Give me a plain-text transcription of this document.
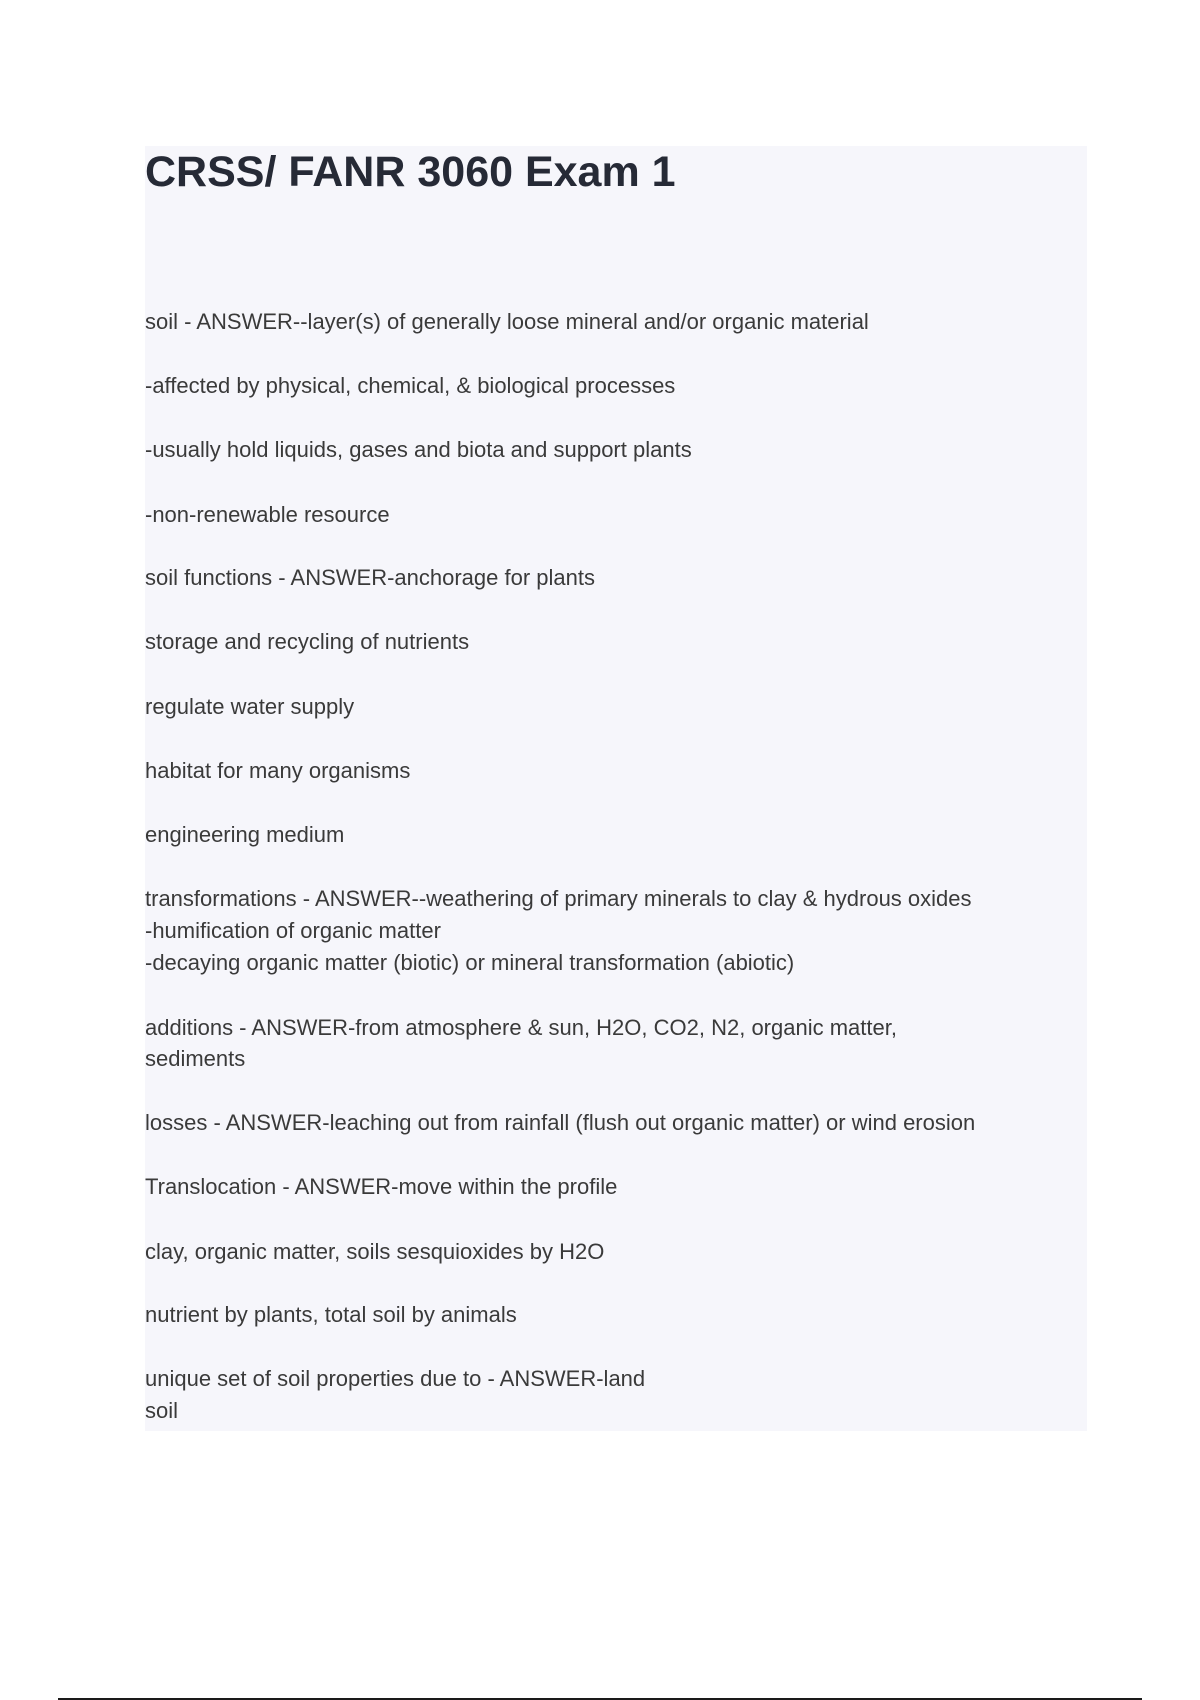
CRSS/ FANR 3060 Exam 1

soil - ANSWER--layer(s) of generally loose mineral and/or organic material

-affected by physical, chemical, & biological processes

-usually hold liquids, gases and biota and support plants

-non-renewable resource

soil functions - ANSWER-anchorage for plants

storage and recycling of nutrients

regulate water supply

habitat for many organisms

engineering medium

transformations - ANSWER--weathering of primary minerals to clay & hydrous oxides

-humification of organic matter

-decaying organic matter (biotic) or mineral transformation (abiotic)

additions - ANSWER-from atmosphere & sun, H2O, CO2, N2, organic matter,

sediments

losses - ANSWER-leaching out from rainfall (flush out organic matter) or wind erosion

Translocation - ANSWER-move within the profile

clay, organic matter, soils sesquioxides by H2O

nutrient by plants, total soil by animals

unique set of soil properties due to - ANSWER-land

soil
